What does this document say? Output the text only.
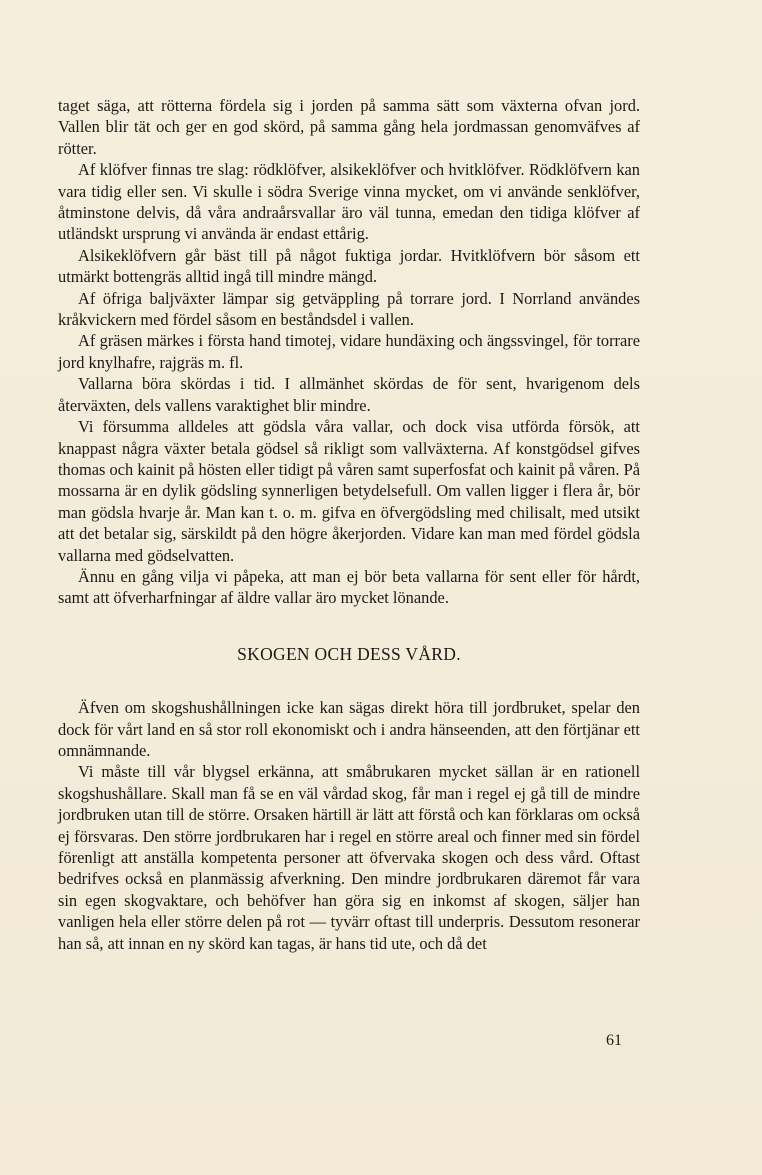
taget säga, att rötterna fördela sig i jorden på samma sätt som växterna ofvan jord. Vallen blir tät och ger en god skörd, på samma gång hela jordmassan genomväfves af rötter.

Af klöfver finnas tre slag: rödklöfver, alsikeklöfver och hvitklöfver. Rödklöfvern kan vara tidig eller sen. Vi skulle i södra Sverige vinna mycket, om vi använde senklöfver, åtminstone delvis, då våra andraårsvallar äro väl tunna, emedan den tidiga klöfver af utländskt ursprung vi använda är endast ettårig.

Alsikeklöfvern går bäst till på något fuktiga jordar. Hvitklöfvern bör såsom ett utmärkt bottengräs alltid ingå till mindre mängd.

Af öfriga baljväxter lämpar sig getväppling på torrare jord. I Norrland användes kråkvickern med fördel såsom en beståndsdel i vallen.

Af gräsen märkes i första hand timotej, vidare hundäxing och ängssvingel, för torrare jord knylhafre, rajgräs m. fl.

Vallarna böra skördas i tid. I allmänhet skördas de för sent, hvarigenom dels återväxten, dels vallens varaktighet blir mindre.

Vi försumma alldeles att gödsla våra vallar, och dock visa utförda försök, att knappast några växter betala gödsel så rikligt som vallväxterna. Af konstgödsel gifves thomas och kainit på hösten eller tidigt på våren samt superfosfat och kainit på våren. På mossarna är en dylik gödsling synnerligen betydelsefull. Om vallen ligger i flera år, bör man gödsla hvarje år. Man kan t. o. m. gifva en öfvergödsling med chilisalt, med utsikt att det betalar sig, särskildt på den högre åkerjorden. Vidare kan man med fördel gödsla vallarna med gödselvatten.

Ännu en gång vilja vi påpeka, att man ej bör beta vallarna för sent eller för hårdt, samt att öfverharfningar af äldre vallar äro mycket lönande.

SKOGEN OCH DESS VÅRD.

Äfven om skogshushållningen icke kan sägas direkt höra till jordbruket, spelar den dock för vårt land en så stor roll ekonomiskt och i andra hänseenden, att den förtjänar ett omnämnande.

Vi måste till vår blygsel erkänna, att småbrukaren mycket sällan är en rationell skogshushållare. Skall man få se en väl vårdad skog, får man i regel ej gå till de mindre jordbruken utan till de större. Orsaken härtill är lätt att förstå och kan förklaras om också ej försvaras. Den större jordbrukaren har i regel en större areal och finner med sin fördel förenligt att anställa kompetenta personer att öfvervaka skogen och dess vård. Oftast bedrifves också en planmässig afverkning. Den mindre jordbrukaren däremot får vara sin egen skogvaktare, och behöfver han göra sig en inkomst af skogen, säljer han vanligen hela eller större delen på rot — tyvärr oftast till underpris. Dessutom resonerar han så, att innan en ny skörd kan tagas, är hans tid ute, och då det

61
